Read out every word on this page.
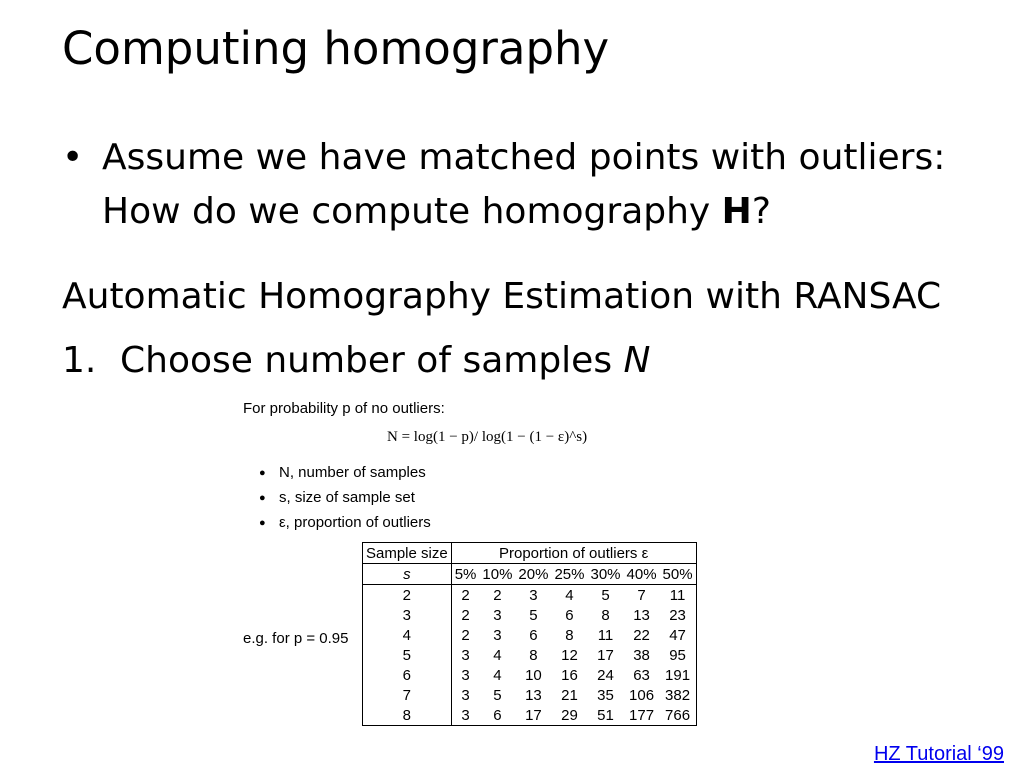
Computing homography
• Assume we have matched points with outliers:
How do we compute homography H?
Automatic Homography Estimation with RANSAC
1. Choose number of samples N
For probability p of no outliers:
N = log(1 − p)/ log(1 − (1 − ε)^s)
● N, number of samples
● s, size of sample set
● ε, proportion of outliers
e.g. for p = 0.95
Sample size	Proportion of outliers ε						
s	5%	10%	20%	25%	30%	40%	50%
2	2	2	3	4	5	7	11
3	2	3	5	6	8	13	23
4	2	3	6	8	11	22	47
5	3	4	8	12	17	38	95
6	3	4	10	16	24	63	191
7	3	5	13	21	35	106	382
8	3	6	17	29	51	177	766
HZ Tutorial ‘99
